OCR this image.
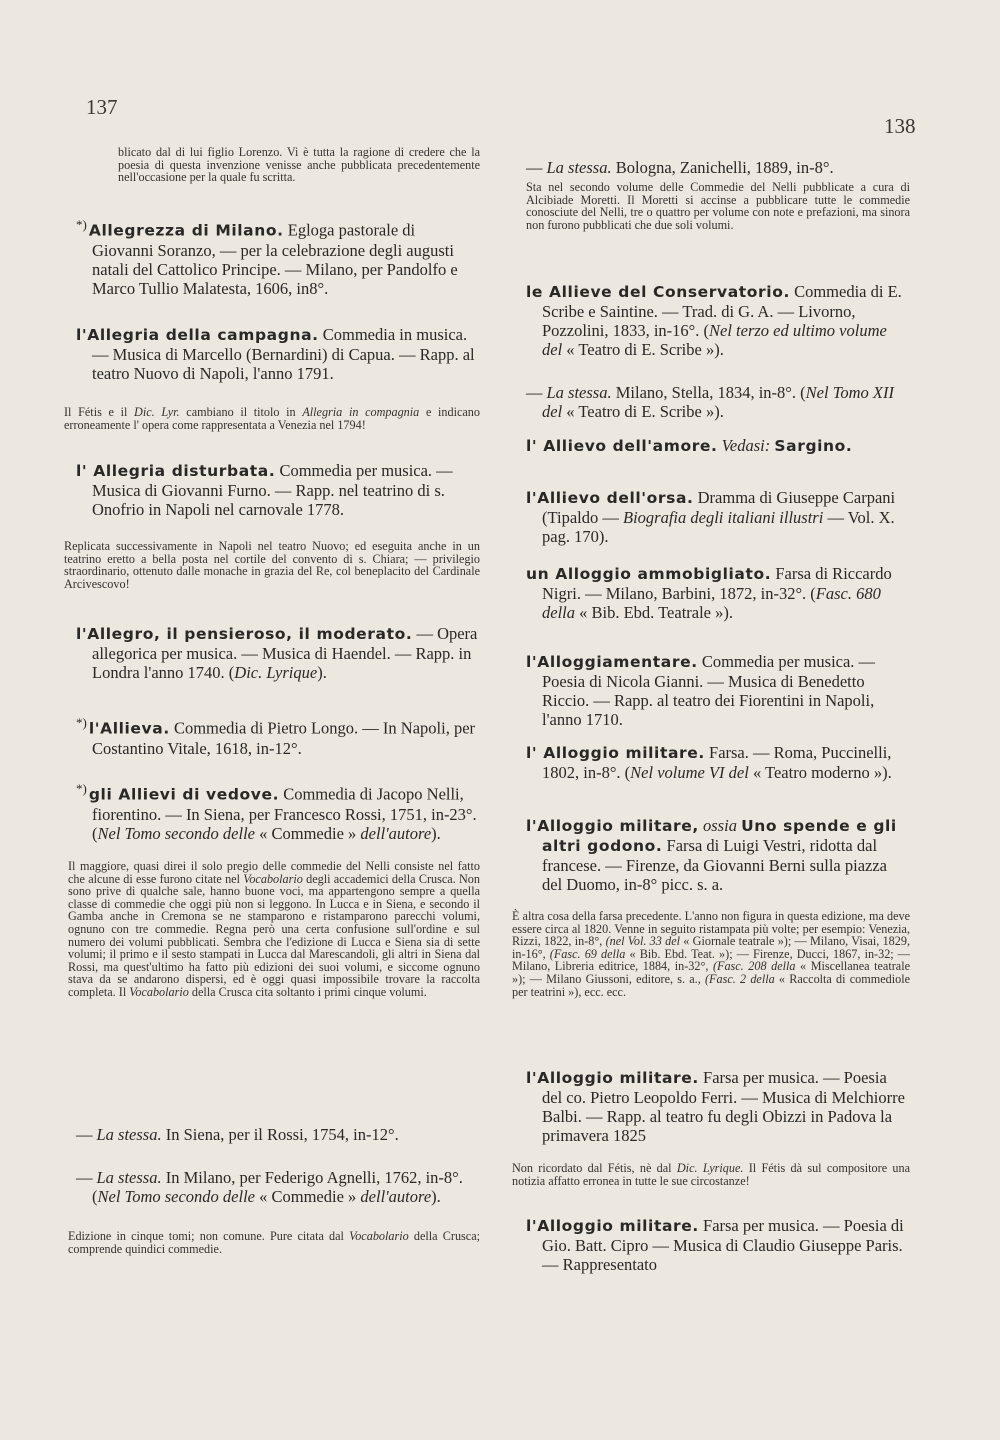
137
138
blicato dal di lui figlio Lorenzo. Vi è tutta la ragione di credere che la poesia di questa invenzione venisse anche pubblicata precedentemente nell'occasione per la quale fu scritta.
*) Allegrezza di Milano. Egloga pastorale di Giovanni Soranzo, — per la celebrazione degli augusti natali del Cattolico Principe. — Milano, per Pandolfo e Marco Tullio Malatesta, 1606, in8°.
l'Allegria della campagna. Commedia in musica. — Musica di Marcello (Bernardini) di Capua. — Rapp. al teatro Nuovo di Napoli, l'anno 1791.
Il Fétis e il Dic. Lyr. cambiano il titolo in Allegria in compagnia e indicano erroneamente l' opera come rappresentata a Venezia nel 1794!
l' Allegria disturbata. Commedia per musica. — Musica di Giovanni Furno. — Rapp. nel teatrino di s. Onofrio in Napoli nel carnovale 1778.
Replicata successivamente in Napoli nel teatro Nuovo; ed eseguita anche in un teatrino eretto a bella posta nel cortile del convento di s. Chiara; — privilegio straordinario, ottenuto dalle monache in grazia del Re, col beneplacito del Cardinale Arcivescovo!
l'Allegro, il pensieroso, il moderato. — Opera allegorica per musica. — Musica di Haendel. — Rapp. in Londra l'anno 1740. (Dic. Lyrique).
*) l'Allieva. Commedia di Pietro Longo. — In Napoli, per Costantino Vitale, 1618, in-12°.
*) gli Allievi di vedove. Commedia di Jacopo Nelli, fiorentino. — In Siena, per Francesco Rossi, 1751, in-23°. (Nel Tomo secondo delle « Commedie » dell'autore).
Il maggiore, quasi direi il solo pregio delle commedie del Nelli consiste nel fatto che alcune di esse furono citate nel Vocabolario degli accademici della Crusca. Non sono prive di qualche sale, hanno buone voci, ma appartengono sempre a quella classe di commedie che oggi più non si leggono. In Lucca e in Siena, e secondo il Gamba anche in Cremona se ne stamparono e ristamparono parecchi volumi, ognuno con tre commedie. Regna però una certa confusione sull'ordine e sul numero dei volumi pubblicati. Sembra che l'edizione di Lucca e Siena sia di sette volumi; il primo e il sesto stampati in Lucca dal Marescandoli, gli altri in Siena dal Rossi, ma quest'ultimo ha fatto più edizioni dei suoi volumi, e siccome ognuno stava da se andarono dispersi, ed è oggi quasi impossibile trovare la raccolta completa. Il Vocabolario della Crusca cita soltanto i primi cinque volumi.
— La stessa. In Siena, per il Rossi, 1754, in-12°.
— La stessa. In Milano, per Federigo Agnelli, 1762, in-8°. (Nel Tomo secondo delle « Commedie » dell'autore).
Edizione in cinque tomi; non comune. Pure citata dal Vocabolario della Crusca; comprende quindici commedie.
— La stessa. Bologna, Zanichelli, 1889, in-8°.
Sta nel secondo volume delle Commedie del Nelli pubblicate a cura di Alcibiade Moretti. Il Moretti si accinse a pubblicare tutte le commedie conosciute del Nelli, tre o quattro per volume con note e prefazioni, ma sinora non furono pubblicati che due soli volumi.
le Allieve del Conservatorio. Commedia di E. Scribe e Saintine. — Trad. di G. A. — Livorno, Pozzolini, 1833, in-16°. (Nel terzo ed ultimo volume del « Teatro di E. Scribe »).
— La stessa. Milano, Stella, 1834, in-8°. (Nel Tomo XII del « Teatro di E. Scribe »).
l' Allievo dell'amore. Vedasi: Sargino.
l'Allievo dell'orsa. Dramma di Giuseppe Carpani (Tipaldo — Biografia degli italiani illustri — Vol. X. pag. 170).
un Alloggio ammobigliato. Farsa di Riccardo Nigri. — Milano, Barbini, 1872, in-32°. (Fasc. 680 della « Bib. Ebd. Teatrale »).
l'Alloggiamentare. Commedia per musica. — Poesia di Nicola Gianni. — Musica di Benedetto Riccio. — Rapp. al teatro dei Fiorentini in Napoli, l'anno 1710.
l' Alloggio militare. Farsa. — Roma, Puccinelli, 1802, in-8°. (Nel volume VI del « Teatro moderno »).
l'Alloggio militare, ossia Uno spende e gli altri godono. Farsa di Luigi Vestri, ridotta dal francese. — Firenze, da Giovanni Berni sulla piazza del Duomo, in-8° picc. s. a.
È altra cosa della farsa precedente. L'anno non figura in questa edizione, ma deve essere circa al 1820. Venne in seguito ristampata più volte; per esempio: Venezia, Rizzi, 1822, in-8°, (nel Vol. 33 del « Giornale teatrale »); — Milano, Visai, 1829, in-16°, (Fasc. 69 della « Bib. Ebd. Teat. »); — Firenze, Ducci, 1867, in-32; — Milano, Libreria editrice, 1884, in-32°, (Fasc. 208 della « Miscellanea teatrale »); — Milano Giussoni, editore, s. a., (Fasc. 2 della « Raccolta di commediole per teatrini »), ecc. ecc.
l'Alloggio militare. Farsa per musica. — Poesia del co. Pietro Leopoldo Ferri. — Musica di Melchiorre Balbi. — Rapp. al teatro fu degli Obizzi in Padova la primavera 1825
Non ricordato dal Fétis, nè dal Dic. Lyrique. Il Fétis dà sul compositore una notizia affatto erronea in tutte le sue circostanze!
l'Alloggio militare. Farsa per musica. — Poesia di Gio. Batt. Cipro — Musica di Claudio Giuseppe Paris. — Rappresentato
